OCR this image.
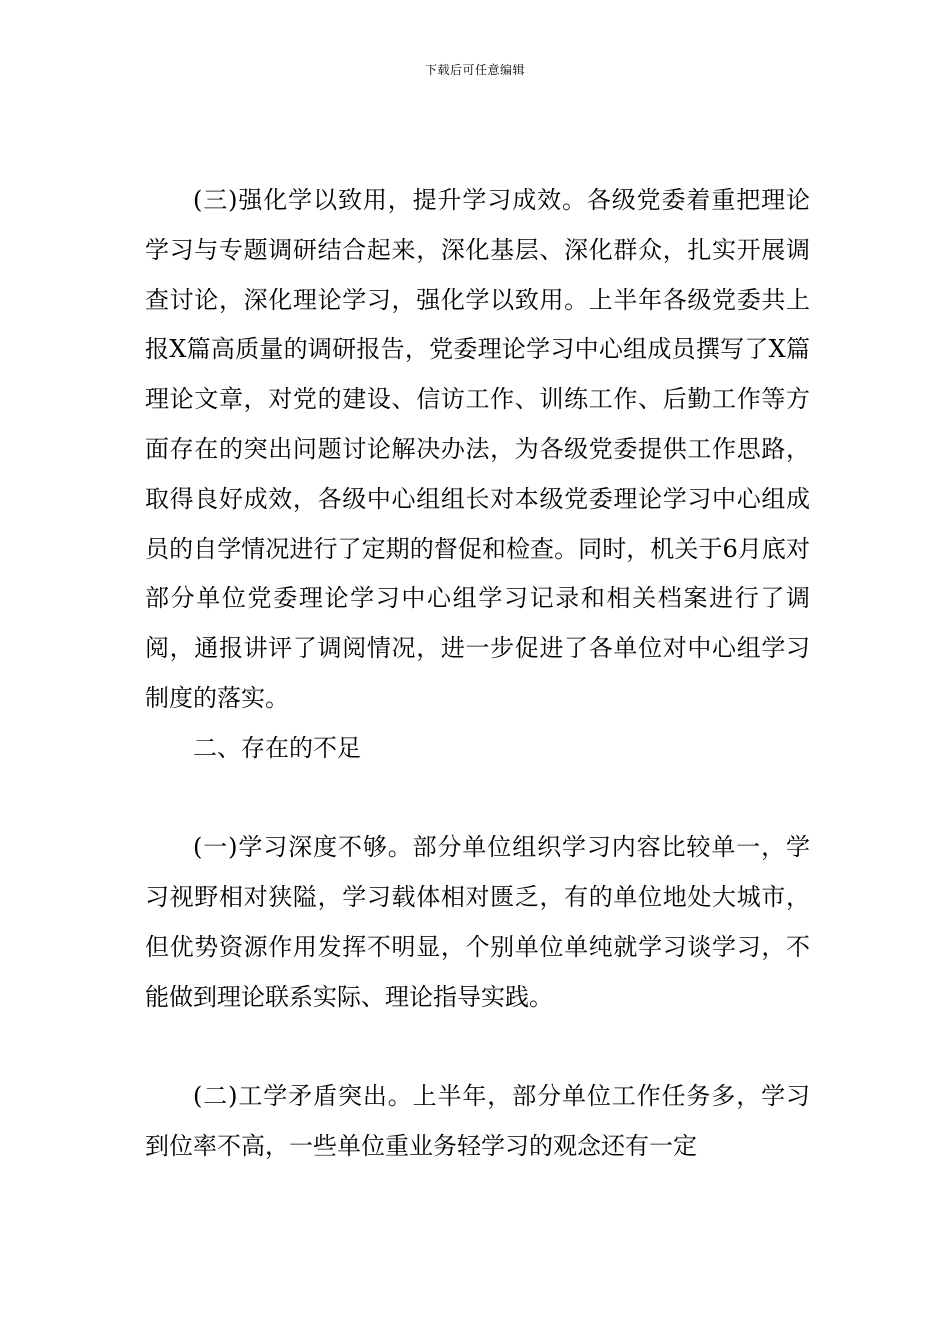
下载后可任意编辑

(三)强化学以致用，提升学习成效。各级党委着重把理论学习与专题调研结合起来，深化基层、深化群众，扎实开展调查讨论，深化理论学习，强化学以致用。上半年各级党委共上报X篇高质量的调研报告，党委理论学习中心组成员撰写了X篇理论文章，对党的建设、信访工作、训练工作、后勤工作等方面存在的突出问题讨论解决办法，为各级党委提供工作思路，取得良好成效，各级中心组组长对本级党委理论学习中心组成员的自学情况进行了定期的督促和检查。同时，机关于6月底对部分单位党委理论学习中心组学习记录和相关档案进行了调阅，通报讲评了调阅情况，进一步促进了各单位对中心组学习制度的落实。

二、存在的不足

(一)学习深度不够。部分单位组织学习内容比较单一，学习视野相对狭隘，学习载体相对匮乏，有的单位地处大城市，但优势资源作用发挥不明显，个别单位单纯就学习谈学习，不能做到理论联系实际、理论指导实践。

(二)工学矛盾突出。上半年，部分单位工作任务多，学习到位率不高，一些单位重业务轻学习的观念还有一定
